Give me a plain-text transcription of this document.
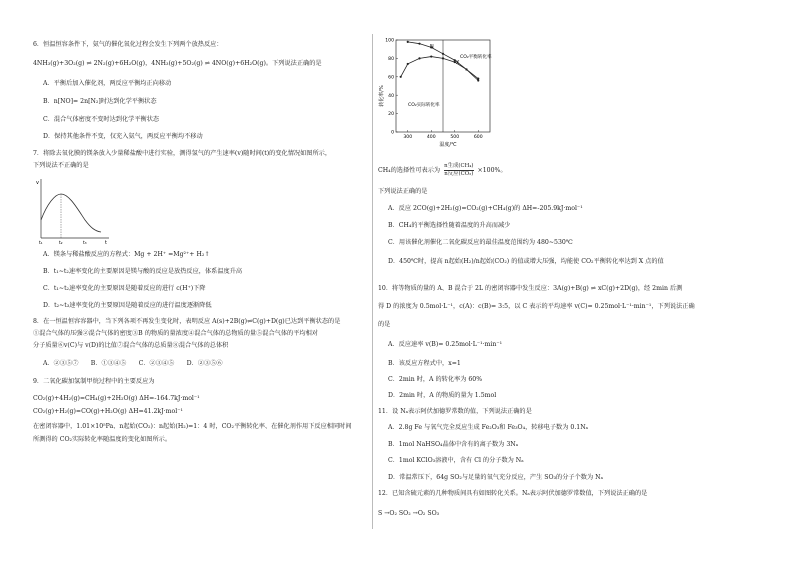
6．恒温恒容条件下，氨气的催化氧化过程会发生下列两个放热反应：
4NH₃(g)+3O₂(g) ⇌ 2N₂(g)+6H₂O(g)，4NH₃(g)+5O₂(g) ⇌ 4NO(g)+6H₂O(g)。下列说法正确的是
A．平衡后加入催化剂，两反应平衡均正向移动
B．n[NO]= 2n[N₂]时达到化学平衡状态
C．混合气体密度不变时达到化学平衡状态
D．保持其他条件不变，仅充入氨气，两反应平衡均不移动
7．将除去氧化膜的镁条放入少量稀盐酸中进行实验，测得氢气的产生速率(v)随时间(t)的变化情况如图所示，
下列说法不正确的是
v
t
t₁	t₂	t₃
A．镁条与稀盐酸反应的方程式：Mg + 2H⁺ =Mg²⁺+ H₂↑
B．t₁~t₂速率变化的主要原因是镁与酸的反应是放热反应，体系温度升高
C．t₁~t₂速率变化的主要原因是随着反应的进行 c(H⁺)下降
D．t₂~t₃速率变化的主要原因是随着反应的进行温度逐渐降低
8．在一恒温恒容容器中，当下列各项不再发生变化时，表明反应 A(s)+2B(g)⇌C(g)+D(g)已达到平衡状态的是
①混合气体的压强②混合气体的密度③B 的物质的量浓度④混合气体的总物质的量⑤混合气体的平均相对
分子质量⑥v(C)与 v(D)的比值⑦混合气体的总质量⑧混合气体的总体积
A．②③⑤⑦　　B．①③④⑤　　C．②③④⑤　　D．②③⑤⑥
9．二氧化碳加氢制甲烷过程中的主要反应为
CO₂(g)+4H₂(g)=CH₄(g)+2H₂O(g) ΔH=-164.7kJ·mol⁻¹
CO₂(g)+H₂(g)=CO(g)+H₂O(g) ΔH=41.2kJ·mol⁻¹
在密闭容器中，1.01×10⁵Pa、n起始(CO₂)：n起始(H₂)=1：4 时，CO₂平衡转化率、在催化剂作用下反应相同时间
所测得的 CO₂实际转化率随温度的变化如图所示。
0
20
40
60
80
100
300	400	500	600
转化率/%
温度/℃
CO₂平衡转化率
CO₂实际转化率
N
X
CH₄的选择性可表示为
n生成(CH₄)
n反应(CO₂) ×100%。
下列说法正确的是
A．反应 2CO(g)+2H₂(g)=CO₂(g)+CH₄(g)的 ΔH=-205.9kJ·mol⁻¹
B．CH₄的平衡选择性随着温度的升高而减少
C．用该催化剂催化二氧化碳反应的最佳温度范围约为 480~530℃
D．450℃时，提高 n起始(H₂)/n起始(CO₂) 的值或增大压强，均能使 CO₂平衡转化率达到 X 点的值
10．将等物质的量的 A、B 混合于 2L 的密闭容器中发生反应：3A(g)+B(g) ⇌ xC(g)+2D(g)，经 2min 后测
得 D 的浓度为 0.5mol·L⁻¹，c(A)：c(B)= 3:5，以 C 表示的平均速率 v(C)= 0.25mol·L⁻¹·min⁻¹，下列说法正确
的是
A．反应速率 v(B)= 0.25mol·L⁻¹·min⁻¹
B．该反应方程式中，x=1
C．2min 时，A 的转化率为 60%
D．2min 时，A 的物质的量为 1.5mol
11．设 Nₐ表示阿伏加德罗常数的值，下列说法正确的是
A．2.8g Fe 与氧气完全反应生成 Fe₂O₃和 Fe₃O₄，转移电子数为 0.1Nₐ
B．1mol NaHSO₄晶体中含有的离子数为 3Nₐ
C．1mol KClO₃溶液中，含有 Cl 的分子数为 Nₐ
D．常温常压下，64g SO₂与足量的氧气充分反应，产生 SO₃的分子个数为 Nₐ
12．已知含硫元素的几种物质间具有如图转化关系。Nₐ表示阿伏加德罗常数值，下列说法正确的是
S →O₂ SO₂ →O₂ SO₃
